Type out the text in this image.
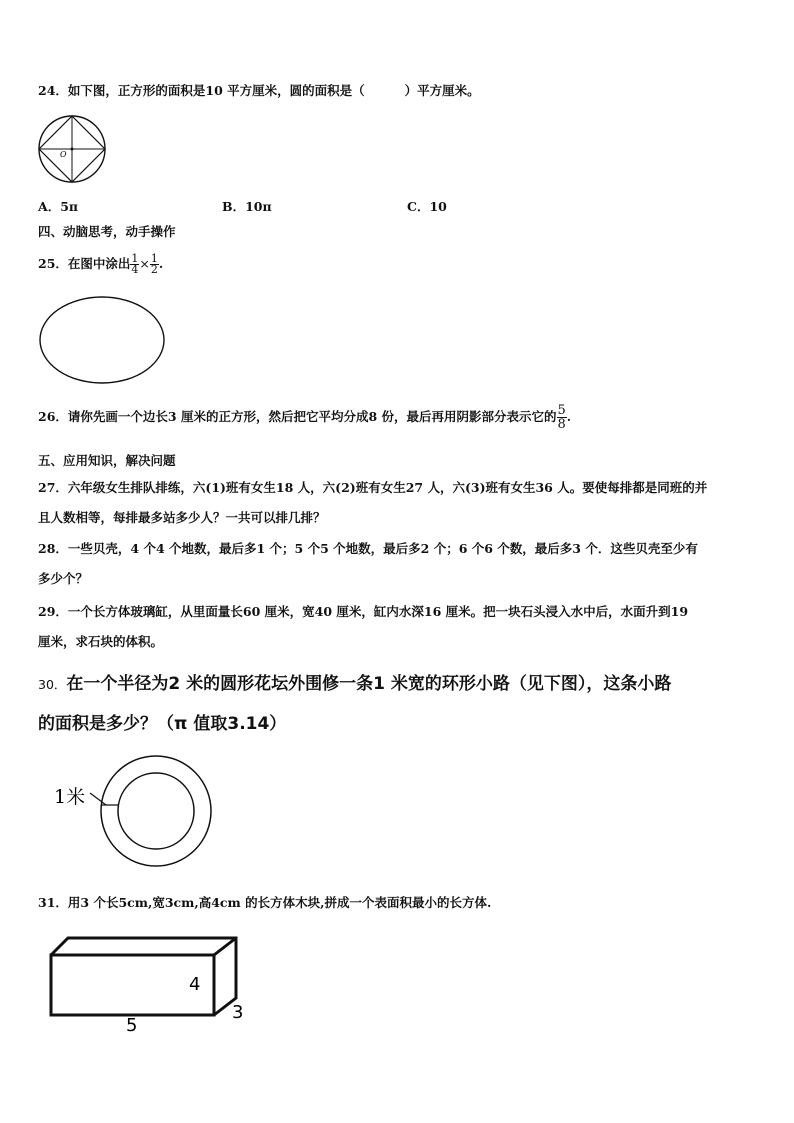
24．如下图，正方形的面积是10 平方厘米，圆的面积是（	）平方厘米。
O
A．5π	B．10π	C．10
四、动脑思考，动手操作
25．在图中涂出 $\frac{1}{4} \times \frac{1}{2}$ .
26．请你先画一个边长3 厘米的正方形，然后把它平均分成8 份，最后再用阴影部分表示它的 $\frac{5}{8}$ .
五、应用知识，解决问题
27．六年级女生排队排练，六(1)班有女生18 人，六(2)班有女生27 人，六(3)班有女生36 人。要使每排都是同班的并
且人数相等，每排最多站多少人？一共可以排几排？
28．一些贝壳，4 个4 个地数，最后多1 个；5 个5 个地数，最后多2 个；6 个6 个数，最后多3 个．这些贝壳至少有
多少个？
29．一个长方体玻璃缸，从里面量长60 厘米，宽40 厘米，缸内水深16 厘米。把一块石头浸入水中后，水面升到19
厘米，求石块的体积。
30．在一个半径为2 米的圆形花坛外围修一条1 米宽的环形小路（见下图），这条小路
的面积是多少？（π 值取3.14）
1米
31．用3 个长5cm,宽3cm,高4cm 的长方体木块,拼成一个表面积最小的长方体.
4
3
5
